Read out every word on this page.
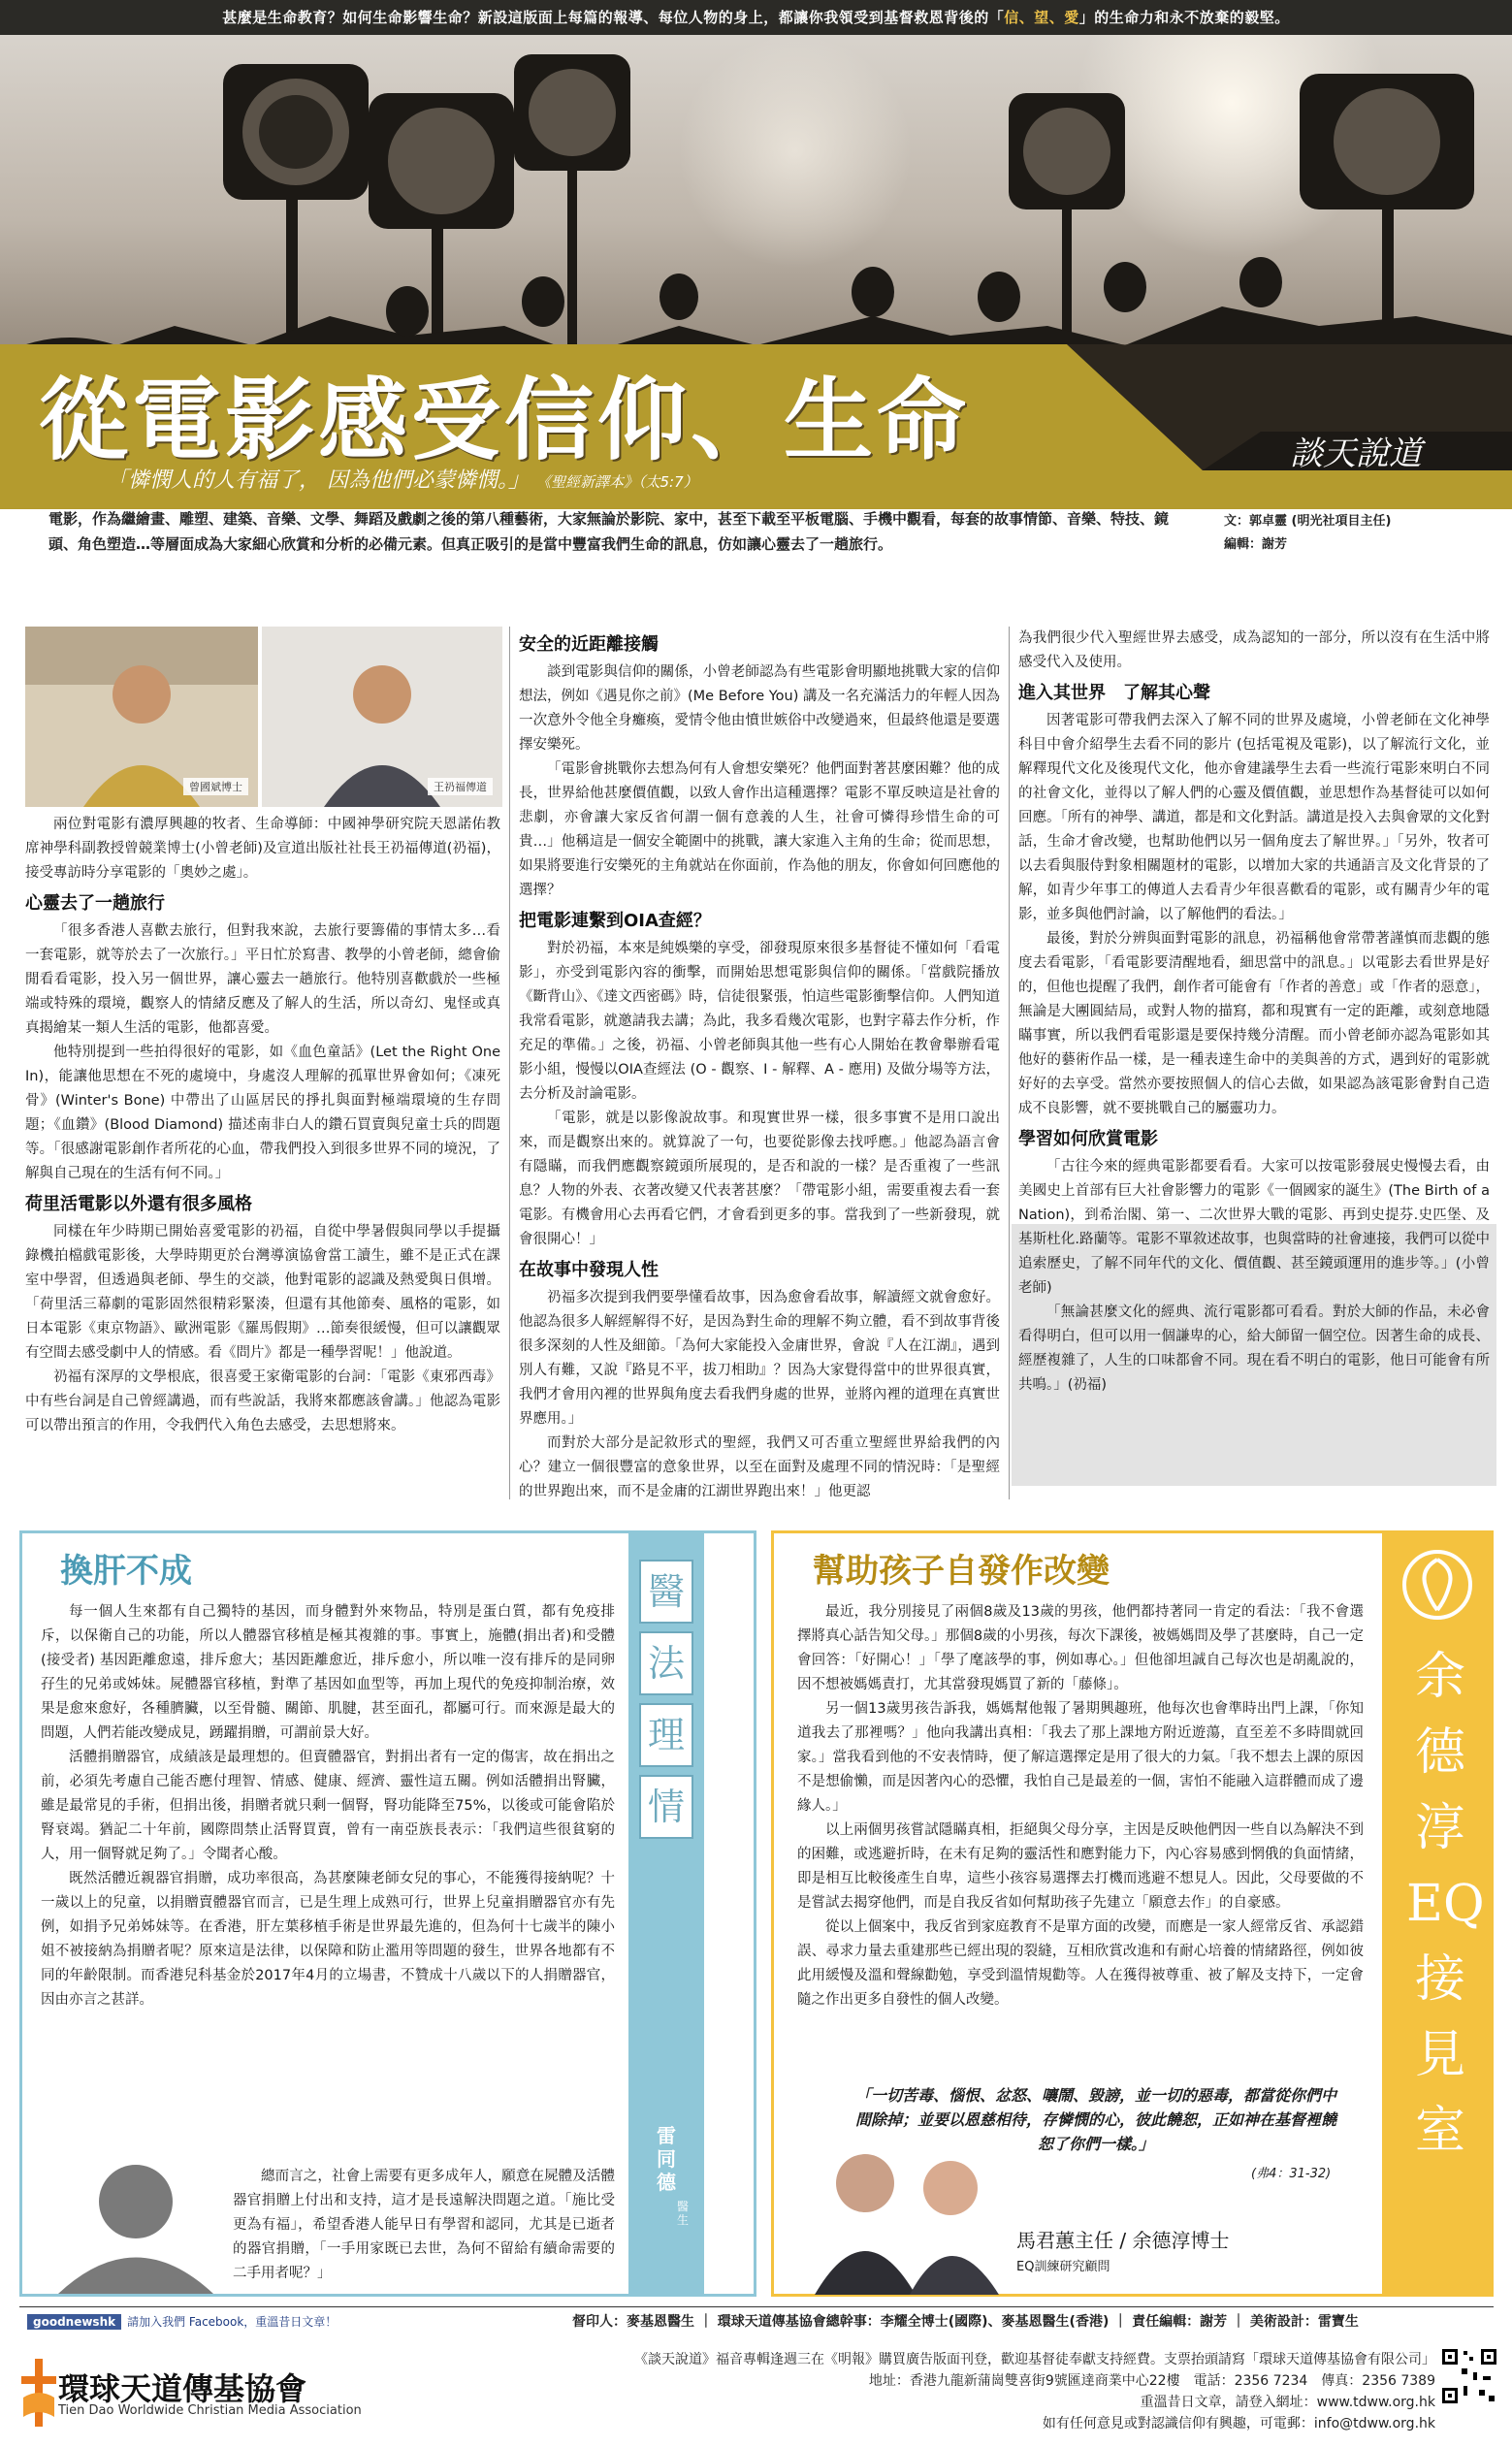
甚麼是生命教育？如何生命影響生命？新設這版面上每篇的報導、每位人物的身上，都讓你我領受到基督救恩背後的「信、望、愛」的生命力和永不放棄的毅堅。
從電影感受信仰、生命
「憐憫人的人有福了， 因為他們必蒙憐憫。」 《聖經新譯本》（太5:7）
談天說道
電影，作為繼繪畫、雕塑、建築、音樂、文學、舞蹈及戲劇之後的第八種藝術，大家無論於影院、家中，甚至下載至平板電腦、手機中觀看，每套的故事情節、音樂、特技、鏡頭、角色塑造…等層面成為大家細心欣賞和分析的必備元素。但真正吸引的是當中豐富我們生命的訊息，仿如讓心靈去了一趟旅行。
文：郭卓靈 (明光社項目主任)
編輯：謝芳
曾國斌博士	王礽福傳道

兩位對電影有濃厚興趣的牧者、生命導師：中國神學研究院天恩諾佑教席神學科副教授曾競業博士(小曾老師)及宣道出版社社長王礽福傳道(礽福)，接受專訪時分享電影的「奧妙之處」。

心靈去了一趟旅行

「很多香港人喜歡去旅行，但對我來說，去旅行要籌備的事情太多…看一套電影，就等於去了一次旅行。」平日忙於寫書、教學的小曾老師，總會偷閒看看電影，投入另一個世界，讓心靈去一趟旅行。他特別喜歡戲於一些極端或特殊的環境，觀察人的情緒反應及了解人的生活，所以奇幻、鬼怪或真真揭繪某一類人生活的電影，他都喜愛。

他特別提到一些拍得很好的電影，如《血色童話》(Let the Right One In)，能讓他思想在不死的處境中，身處沒人理解的孤單世界會如何；《凍死骨》(Winter's Bone) 中帶出了山區居民的掙扎與面對極端環境的生存問題；《血鑽》(Blood Diamond) 描述南非白人的鑽石買賣與兒童士兵的問題等。「很感謝電影創作者所花的心血，帶我們投入到很多世界不同的境況，了解與自己現在的生活有何不同。」

荷里活電影以外還有很多風格

同樣在年少時期已開始喜愛電影的礽福，自從中學暑假與同學以手提攝錄機拍檔戲電影後，大學時期更於台灣導演協會當工讀生，雖不是正式在課室中學習，但透過與老師、學生的交談，他對電影的認識及熱愛與日俱增。「荷里活三幕劇的電影固然很精彩緊湊，但還有其他節奏、風格的電影，如日本電影《東京物語》、歐洲電影《羅馬假期》…節奏很緩慢，但可以讓觀眾有空間去感受劇中人的情感。看《問片》都是一種學習呢！」他說道。

礽福有深厚的文學根底，很喜愛王家衛電影的台詞：「電影《東邪西毒》中有些台詞是自己曾經講過，而有些說話，我將來都應該會講。」他認為電影可以帶出預言的作用，令我們代入角色去感受，去思想將來。

安全的近距離接觸

談到電影與信仰的關係，小曾老師認為有些電影會明顯地挑戰大家的信仰想法，例如《遇見你之前》(Me Before You) 講及一名充滿活力的年輕人因為一次意外令他全身癱瘓，愛情令他由憤世嫉俗中改變過來，但最終他還是要選擇安樂死。

「電影會挑戰你去想為何有人會想安樂死？他們面對著甚麼困難？他的成長，世界給他甚麼價值觀，以致人會作出這種選擇？電影不單反映這是社會的悲劇，亦會讓大家反省何謂一個有意義的人生，社會可憐得珍惜生命的可貴…」他稱這是一個安全範圍中的挑戰，讓大家進入主角的生命；從而思想，如果將要進行安樂死的主角就站在你面前，作為他的朋友，你會如何回應他的選擇？

把電影連繫到OIA查經？

對於礽福，本來是純娛樂的享受，卻發現原來很多基督徒不懂如何「看電影」，亦受到電影內容的衝擊，而開始思想電影與信仰的關係。「當戲院播放《斷背山》、《達文西密碼》時，信徒很緊張，怕這些電影衝擊信仰。人們知道我常看電影，就邀請我去講；為此，我多看幾次電影，也對字幕去作分析，作充足的準備。」之後，礽福、小曾老師與其他一些有心人開始在教會舉辦看電影小組，慢慢以OIA查經法 (O - 觀察、I - 解釋、A - 應用) 及做分場等方法，去分析及討論電影。

「電影，就是以影像說故事。和現實世界一樣，很多事實不是用口說出來，而是觀察出來的。就算說了一句，也要從影像去找呼應。」他認為語言會有隱瞞，而我們應觀察鏡頭所展現的，是否和說的一樣？是否重複了一些訊息？人物的外表、衣著改變又代表著甚麼？「帶電影小組，需要重複去看一套電影。有機會用心去再看它們，才會看到更多的事。當我到了一些新發現，就會很開心！」

在故事中發現人性

礽福多次提到我們要學懂看故事，因為愈會看故事，解讀經文就會愈好。他認為很多人解經解得不好，是因為對生命的理解不夠立體，看不到故事背後很多深刻的人性及細節。「為何大家能投入金庸世界，會說『人在江湖』，遇到別人有難，又說『路見不平，拔刀相助』？因為大家覺得當中的世界很真實，我們才會用內裡的世界與角度去看我們身處的世界，並將內裡的道理在真實世界應用。」

而對於大部分是記敘形式的聖經，我們又可否重立聖經世界給我們的內心？建立一個很豐富的意象世界，以至在面對及處理不同的情況時：「是聖經的世界跑出來，而不是金庸的江湖世界跑出來！」他更認

為我們很少代入聖經世界去感受，成為認知的一部分，所以沒有在生活中將感受代入及使用。

進入其世界　了解其心聲

因著電影可帶我們去深入了解不同的世界及處境，小曾老師在文化神學科目中會介紹學生去看不同的影片 (包括電視及電影)，以了解流行文化，並解釋現代文化及後現代文化，他亦會建議學生去看一些流行電影來明白不同的社會文化，並得以了解人們的心靈及價值觀，並思想作為基督徒可以如何回應。「所有的神學、講道，都是和文化對話。講道是投入去與會眾的文化對話，生命才會改變，也幫助他們以另一個角度去了解世界。」「另外，牧者可以去看與服侍對象相關題材的電影，以增加大家的共通語言及文化背景的了解，如青少年事工的傳道人去看青少年很喜歡看的電影，或有關青少年的電影，並多與他們討論，以了解他們的看法。」

最後，對於分辨與面對電影的訊息，礽福稱他會常帶著謹慎而悲觀的態度去看電影，「看電影要清醒地看，細思當中的訊息。」以電影去看世界是好的，但他也提醒了我們，創作者可能會有「作者的善意」或「作者的惡意」，無論是大團圓結局，或對人物的描寫，都和現實有一定的距離，或刻意地隱瞞事實，所以我們看電影還是要保持幾分清醒。而小曾老師亦認為電影如其他好的藝術作品一樣，是一種表達生命中的美與善的方式，遇到好的電影就好好的去享受。當然亦要按照個人的信心去做，如果認為該電影會對自己造成不良影響，就不要挑戰自己的屬靈功力。

學習如何欣賞電影

「古往今來的經典電影都要看看。大家可以按電影發展史慢慢去看，由美國史上首部有巨大社會影響力的電影《一個國家的誕生》(The Birth of a Nation)，到希治閣、第一、二次世界大戰的電影、再到史提芬.史匹堡、及基斯杜化.路蘭等。電影不單敘述故事，也與當時的社會連接，我們可以從中追索歷史，了解不同年代的文化、價值觀、甚至鏡頭運用的進步等。」(小曾老師)

「無論甚麼文化的經典、流行電影都可看看。對於大師的作品，未必會看得明白，但可以用一個謙卑的心，給大師留一個空位。因著生命的成長、經歷複雜了，人生的口味都會不同。現在看不明白的電影，他日可能會有所共鳴。」(礽福)

換肝不成	醫
法
理
情
雷同德
醫生

每一個人生來都有自己獨特的基因，而身體對外來物品，特別是蛋白質，都有免疫排斥，以保衛自己的功能，所以人體器官移植是極其複雜的事。事實上，施體(捐出者)和受體(接受者) 基因距離愈遠，排斥愈大；基因距離愈近，排斥愈小，所以唯一沒有排斥的是同卵孖生的兄弟或姊妹。屍體器官移植，對準了基因如血型等，再加上現代的免疫抑制治療，效果是愈來愈好，各種臍臟，以至骨髓、關節、肌腱，甚至面孔，都屬可行。而來源是最大的問題，人們若能改變成見，踴躍捐贈，可謂前景大好。

活體捐贈器官，成績該是最理想的。但賣體器官，對捐出者有一定的傷害，故在捐出之前，必須先考慮自己能否應付理智、情感、健康、經濟、靈性這五關。例如活體捐出腎臟，雖是最常見的手術，但捐出後，捐贈者就只剩一個腎，腎功能降至75%，以後或可能會陷於腎衰竭。猶記二十年前，國際問禁止活腎買賣，曾有一南亞族長表示：「我們這些很貧窮的人，用一個腎就足夠了。」令聞者心酸。

既然活體近親器官捐贈，成功率很高，為甚麼陳老師女兒的事心，不能獲得接納呢？十一歲以上的兒童，以捐贈賣體器官而言，已是生理上成熟可行，世界上兒童捐贈器官亦有先例，如捐予兄弟姊妹等。在香港，肝左葉移植手術是世界最先進的，但為何十七歲半的陳小姐不被接納為捐贈者呢？原來這是法律，以保障和防止濫用等問題的發生，世界各地都有不同的年齡限制。而香港兒科基金於2017年4月的立場書，不贊成十八歲以下的人捐贈器官，因由亦言之甚詳。

總而言之，社會上需要有更多成年人，願意在屍體及活體器官捐贈上付出和支持，這才是長遠解決問題之道。「施比受更為有福」，希望香港人能早日有學習和認同，尤其是已逝者的器官捐贈，「一手用家既已去世，為何不留給有續命需要的二手用者呢？」

幫助孩子自發作改變
余
德
淳
EQ
接
見
室

最近，我分別接見了兩個8歲及13歲的男孩，他們都持著同一肯定的看法：「我不會選擇將真心話告知父母。」那個8歲的小男孩，每次下課後，被媽媽問及學了甚麼時，自己一定會回答：「好開心！」「學了麾該學的事，例如專心。」但他卻坦誠自己每次也是胡亂說的，因不想被媽媽責打，尤其當發現媽買了新的「藤條」。

另一個13歲男孩告訴我，媽媽幫他報了暑期興趣班，他每次也會準時出門上課，「你知道我去了那裡嗎？」他向我講出真相：「我去了那上課地方附近遊蕩，直至差不多時間就回家。」當我看到他的不安表情時，便了解這選擇定是用了很大的力氣。「我不想去上課的原因不是想偷懶，而是因著內心的恐懼，我怕自己是最差的一個，害怕不能融入這群體而成了邊緣人。」

以上兩個男孩嘗試隱瞞真相，拒絕與父母分享，主因是反映他們因一些自以為解決不到的困難，或逃避折時，在未有足夠的靈活性和應對能力下，內心容易感到惘俄的負面情緒，即是相互比較後產生自卑，這些小孩容易選擇去打機而逃避不想見人。因此，父母要做的不是嘗試去揭穿他們，而是自我反省如何幫助孩子先建立「願意去作」的自豪感。

從以上個案中，我反省到家庭教育不是單方面的改變，而應是一家人經常反省、承認錯誤、尋求力量去重建那些已經出現的裂縫，互相欣賞改進和有耐心培養的情緒路徑，例如彼此用緩慢及溫和聲線勸勉，享受到溫情規勸等。人在獲得被尊重、被了解及支持下，一定會隨之作出更多自發性的個人改變。

「一切苦毒、惱恨、忿怒、嚷鬧、毀謗，並一切的惡毒，都當從你們中間除掉；並要以恩慈相待，存憐憫的心，彼此饒恕，正如神在基督裡饒恕了你們一樣。」
(弗4：31-32)
馬君蕙主任 / 余德淳博士
EQ訓練研究顧問
goodnewshk 請加入我們 Facebook，重溫昔日文章！	督印人：麥基恩醫生 ｜ 環球天道傳基協會總幹事：李耀全博士(國際)、麥基恩醫生(香港) ｜ 責任編輯：謝芳 ｜ 美術設計：雷寶生
環球天道傳基協會
Tien Dao Worldwide Christian Media Association
《談天說道》福音專輯逢週三在《明報》購買廣告版面刊登，歡迎基督徒奉獻支持經費。支票抬頭請寫「環球天道傳基協會有限公司」
地址：香港九龍新蒲崗雙喜街9號匯達商業中心22樓　電話：2356 7234　傳真：2356 7389
重溫昔日文章，請登入網址：www.tdww.org.hk
如有任何意見或對認識信仰有興趣，可電郵：info@tdww.org.hk
